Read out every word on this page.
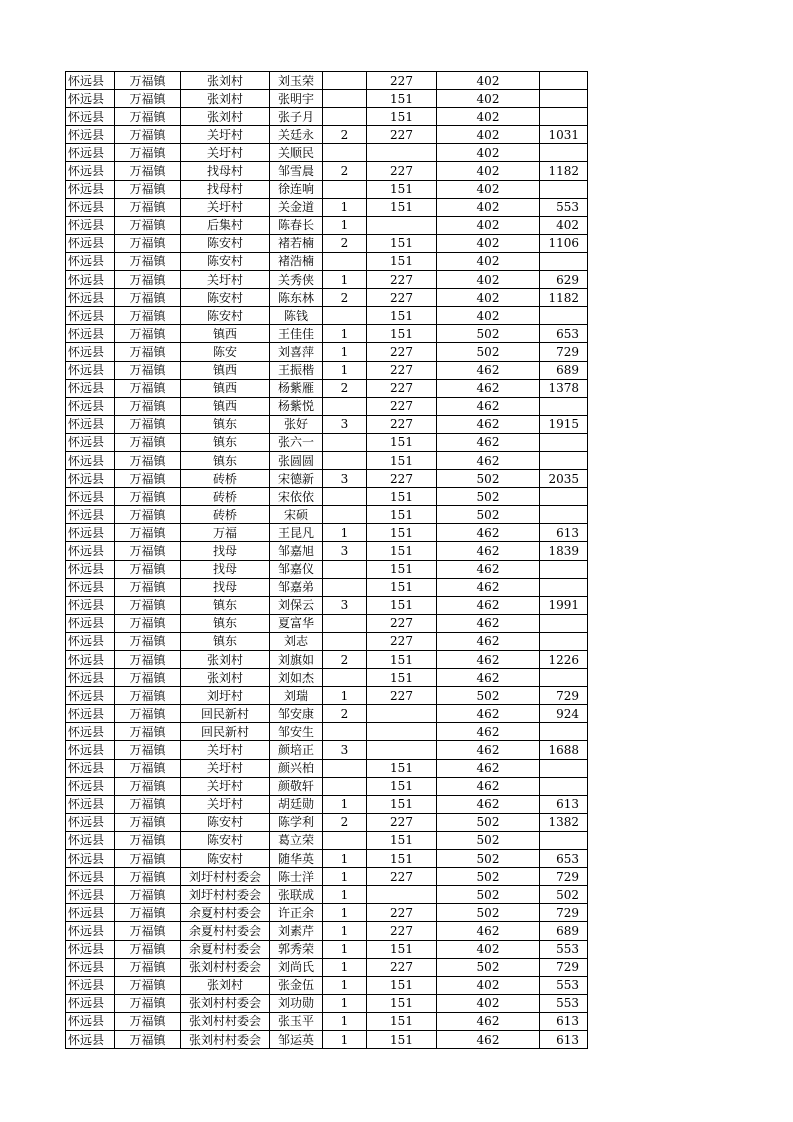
怀远县	万福镇	张刘村	刘玉荣		227	402	
怀远县	万福镇	张刘村	张明宇		151	402	
怀远县	万福镇	张刘村	张子月		151	402	
怀远县	万福镇	关圩村	关廷永	2	227	402	1031
怀远县	万福镇	关圩村	关顺民			402	
怀远县	万福镇	找母村	邹雪晨	2	227	402	1182
怀远县	万福镇	找母村	徐连响		151	402	
怀远县	万福镇	关圩村	关金道	1	151	402	553
怀远县	万福镇	后集村	陈春长	1		402	402
怀远县	万福镇	陈安村	褚若楠	2	151	402	1106
怀远县	万福镇	陈安村	褚浩楠		151	402	
怀远县	万福镇	关圩村	关秀侠	1	227	402	629
怀远县	万福镇	陈安村	陈东林	2	227	402	1182
怀远县	万福镇	陈安村	陈钱		151	402	
怀远县	万福镇	镇西	王佳佳	1	151	502	653
怀远县	万福镇	陈安	刘喜萍	1	227	502	729
怀远县	万福镇	镇西	王振楷	1	227	462	689
怀远县	万福镇	镇西	杨紫雁	2	227	462	1378
怀远县	万福镇	镇西	杨紫悦		227	462	
怀远县	万福镇	镇东	张好	3	227	462	1915
怀远县	万福镇	镇东	张六一		151	462	
怀远县	万福镇	镇东	张圆圆		151	462	
怀远县	万福镇	砖桥	宋德新	3	227	502	2035
怀远县	万福镇	砖桥	宋依依		151	502	
怀远县	万福镇	砖桥	宋硕		151	502	
怀远县	万福镇	万福	王昆凡	1	151	462	613
怀远县	万福镇	找母	邹嘉旭	3	151	462	1839
怀远县	万福镇	找母	邹嘉仪		151	462	
怀远县	万福镇	找母	邹嘉弟		151	462	
怀远县	万福镇	镇东	刘保云	3	151	462	1991
怀远县	万福镇	镇东	夏富华		227	462	
怀远县	万福镇	镇东	刘志		227	462	
怀远县	万福镇	张刘村	刘旗如	2	151	462	1226
怀远县	万福镇	张刘村	刘如杰		151	462	
怀远县	万福镇	刘圩村	刘瑞	1	227	502	729
怀远县	万福镇	回民新村	邹安康	2		462	924
怀远县	万福镇	回民新村	邹安生			462	
怀远县	万福镇	关圩村	颜培正	3		462	1688
怀远县	万福镇	关圩村	颜兴柏		151	462	
怀远县	万福镇	关圩村	颜敬轩		151	462	
怀远县	万福镇	关圩村	胡廷勋	1	151	462	613
怀远县	万福镇	陈安村	陈学利	2	227	502	1382
怀远县	万福镇	陈安村	葛立荣		151	502	
怀远县	万福镇	陈安村	随华英	1	151	502	653
怀远县	万福镇	刘圩村村委会	陈士洋	1	227	502	729
怀远县	万福镇	刘圩村村委会	张联成	1		502	502
怀远县	万福镇	余夏村村委会	许正余	1	227	502	729
怀远县	万福镇	余夏村村委会	刘素芹	1	227	462	689
怀远县	万福镇	余夏村村委会	郭秀荣	1	151	402	553
怀远县	万福镇	张刘村村委会	刘尚氏	1	227	502	729
怀远县	万福镇	张刘村	张金伍	1	151	402	553
怀远县	万福镇	张刘村村委会	刘功勋	1	151	402	553
怀远县	万福镇	张刘村村委会	张玉平	1	151	462	613
怀远县	万福镇	张刘村村委会	邹运英	1	151	462	613
